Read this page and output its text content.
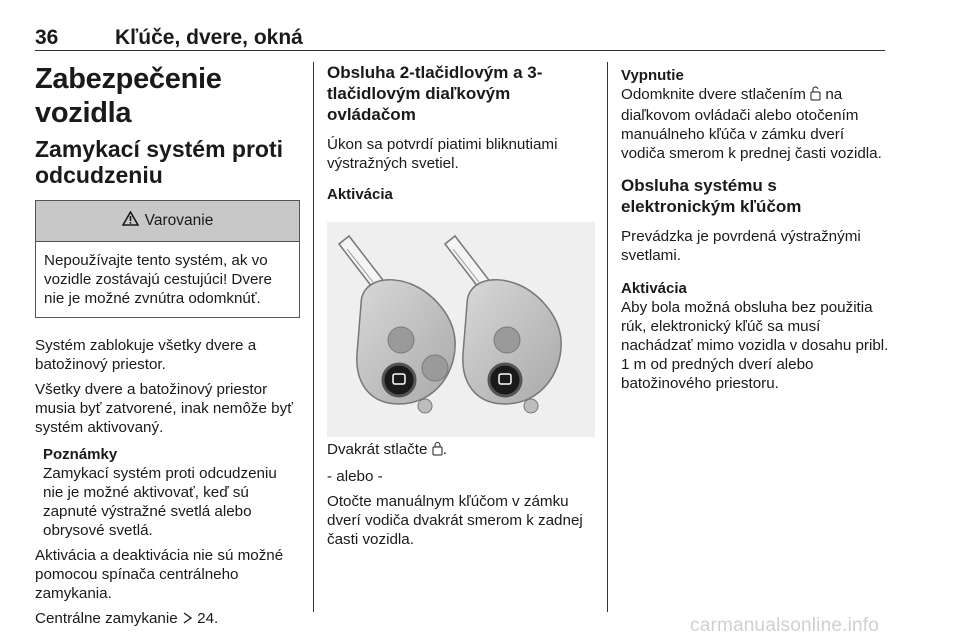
36	Kľúče, dvere, okná
Zabezpečenie vozidla
Zamykací systém proti odcudzeniu
Varovanie
Nepoužívajte tento systém, ak vo vozidle zostávajú cestujúci! Dvere nie je možné zvnútra odomknúť.

Systém zablokuje všetky dvere a batožinový priestor.

Všetky dvere a batožinový priestor musia byť zatvorené, inak nemôže byť systém aktivovaný.

Poznámky
Zamykací systém proti odcudzeniu nie je možné aktivovať, keď sú zapnuté výstražné svetlá alebo obrysové svetlá.

Aktivácia a deaktivácia nie sú možné pomocou spínača centrálneho zamykania.

Centrálne zamykanie 24.

Obsluha 2-tlačidlovým a 3-tlačidlovým diaľkovým ovládačom

Úkon sa potvrdí piatimi bliknutiami výstražných svetiel.

Aktivácia

Dvakrát stlačte .

- alebo -

Otočte manuálnym kľúčom v zámku dverí vodiča dvakrát smerom k zadnej časti vozidla.

Vypnutie

Odomknite dvere stlačením na diaľkovom ovládači alebo otočením manuálneho kľúča v zámku dverí vodiča smerom k prednej časti vozidla.

Obsluha systému s elektronickým kľúčom

Prevádzka je povrdená výstražnými svetlami.

Aktivácia

Aby bola možná obsluha bez použitia rúk, elektronický kľúč sa musí nachádzať mimo vozidla v dosahu pribl. 1 m od predných dverí alebo batožinového priestoru.

carmanualsonline.info
